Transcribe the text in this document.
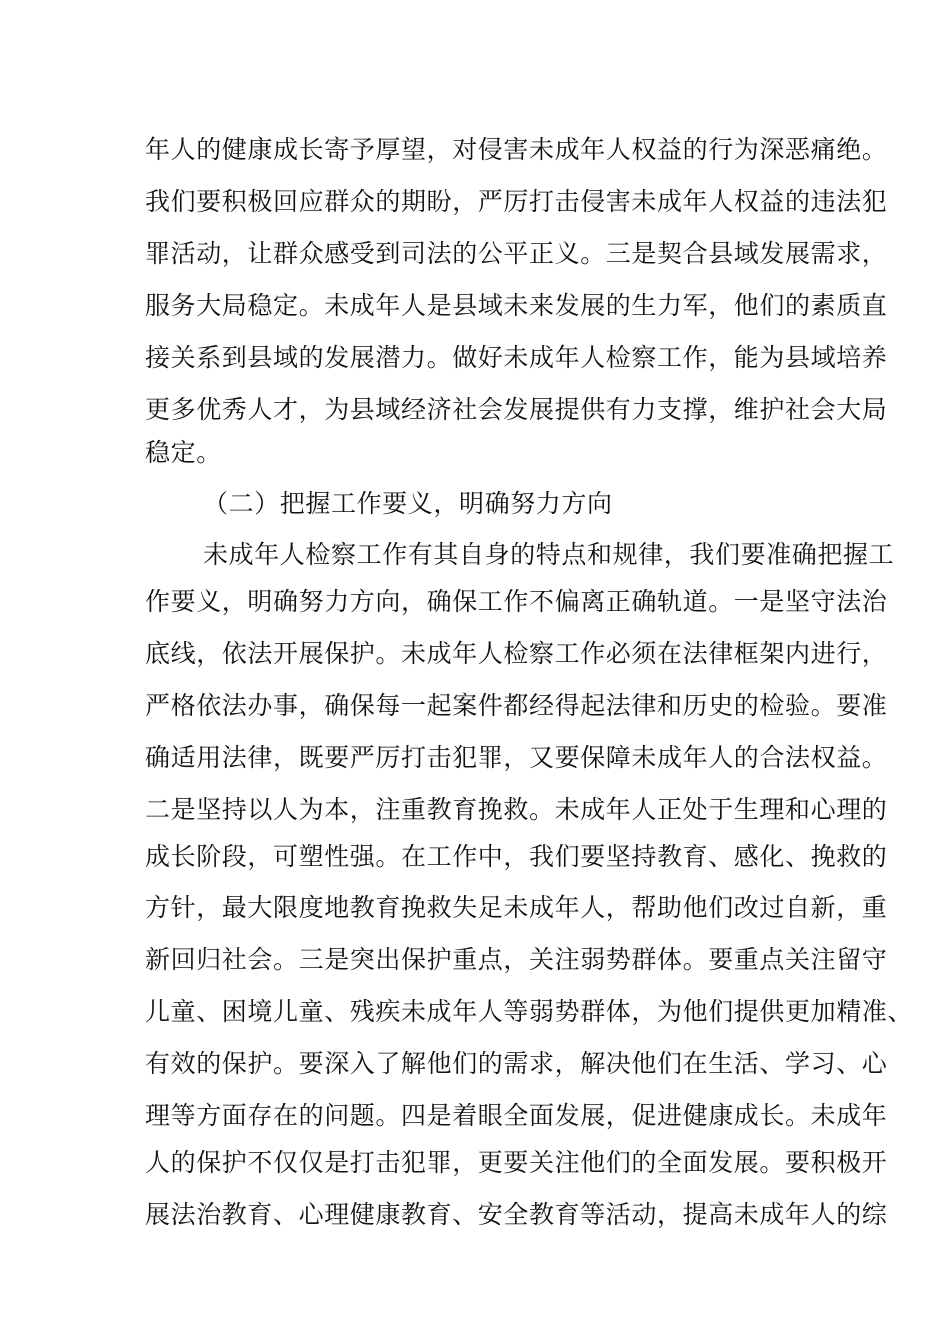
年人的健康成长寄予厚望，对侵害未成年人权益的行为深恶痛绝。
我们要积极回应群众的期盼，严厉打击侵害未成年人权益的违法犯
罪活动，让群众感受到司法的公平正义。三是契合县域发展需求，
服务大局稳定。未成年人是县域未来发展的生力军，他们的素质直
接关系到县域的发展潜力。做好未成年人检察工作，能为县域培养
更多优秀人才，为县域经济社会发展提供有力支撑，维护社会大局
稳定。
（二）把握工作要义，明确努力方向
未成年人检察工作有其自身的特点和规律，我们要准确把握工
作要义，明确努力方向，确保工作不偏离正确轨道。一是坚守法治
底线，依法开展保护。未成年人检察工作必须在法律框架内进行，
严格依法办事，确保每一起案件都经得起法律和历史的检验。要准
确适用法律，既要严厉打击犯罪，又要保障未成年人的合法权益。
二是坚持以人为本，注重教育挽救。未成年人正处于生理和心理的
成长阶段，可塑性强。在工作中，我们要坚持教育、感化、挽救的
方针，最大限度地教育挽救失足未成年人，帮助他们改过自新，重
新回归社会。三是突出保护重点，关注弱势群体。要重点关注留守
儿童、困境儿童、残疾未成年人等弱势群体，为他们提供更加精准、
有效的保护。要深入了解他们的需求，解决他们在生活、学习、心
理等方面存在的问题。四是着眼全面发展，促进健康成长。未成年
人的保护不仅仅是打击犯罪，更要关注他们的全面发展。要积极开
展法治教育、心理健康教育、安全教育等活动，提高未成年人的综
